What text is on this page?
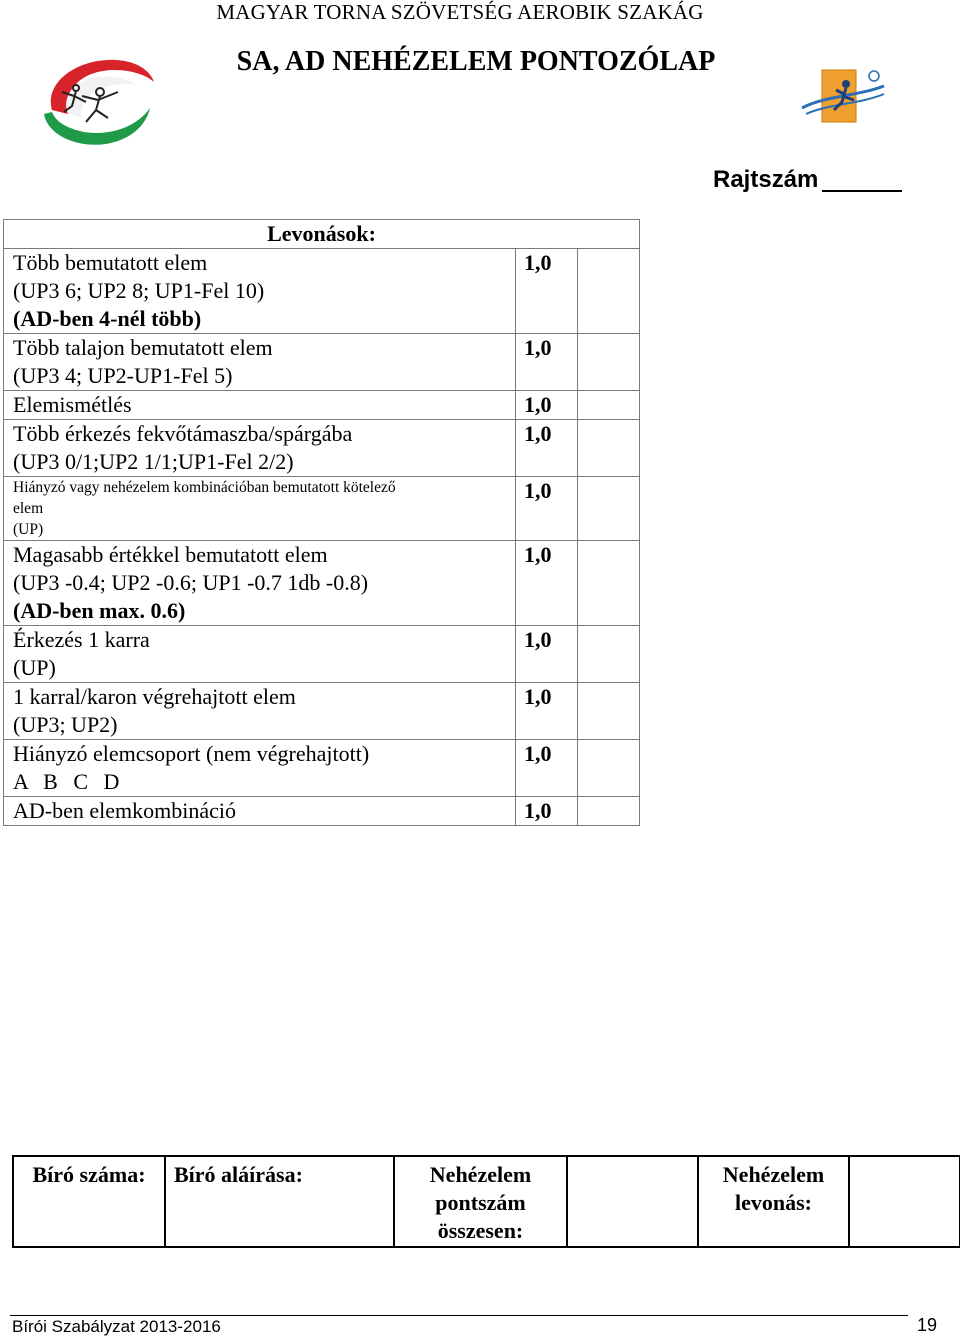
MAGYAR TORNA SZÖVETSÉG AEROBIK SZAKÁG
SA, AD NEHÉZELEM PONTOZÓLAP
Rajtszám
Levonások:		

Több bemutatott elem
(UP3 6; UP2 8; UP1-Fel 10)
(AD-ben 4-nél több)	1,0	

Több talajon bemutatott elem
(UP3 4; UP2-UP1-Fel 5)	1,0	

Elemismétlés	1,0	

Több érkezés fekvőtámaszba/spárgába
(UP3 0/1;UP2 1/1;UP1-Fel 2/2)	1,0	

Hiányzó vagy nehézelem kombinációban bemutatott kötelező
elem
(UP)	1,0	

Magasabb értékkel bemutatott elem
(UP3 -0.4; UP2 -0.6; UP1 -0.7 1db -0.8)
(AD-ben max. 0.6)	1,0	

Érkezés 1 karra
(UP)	1,0	

1 karral/karon végrehajtott elem
(UP3; UP2)	1,0	

Hiányzó elemcsoport (nem végrehajtott)
A B C D	1,0	

AD-ben elemkombináció	1,0	
Bíró száma:	Bíró aláírása:	Nehézelem pontszám összesen:		Nehézelem levonás:	
Bírói Szabályzat 2013-2016	19
